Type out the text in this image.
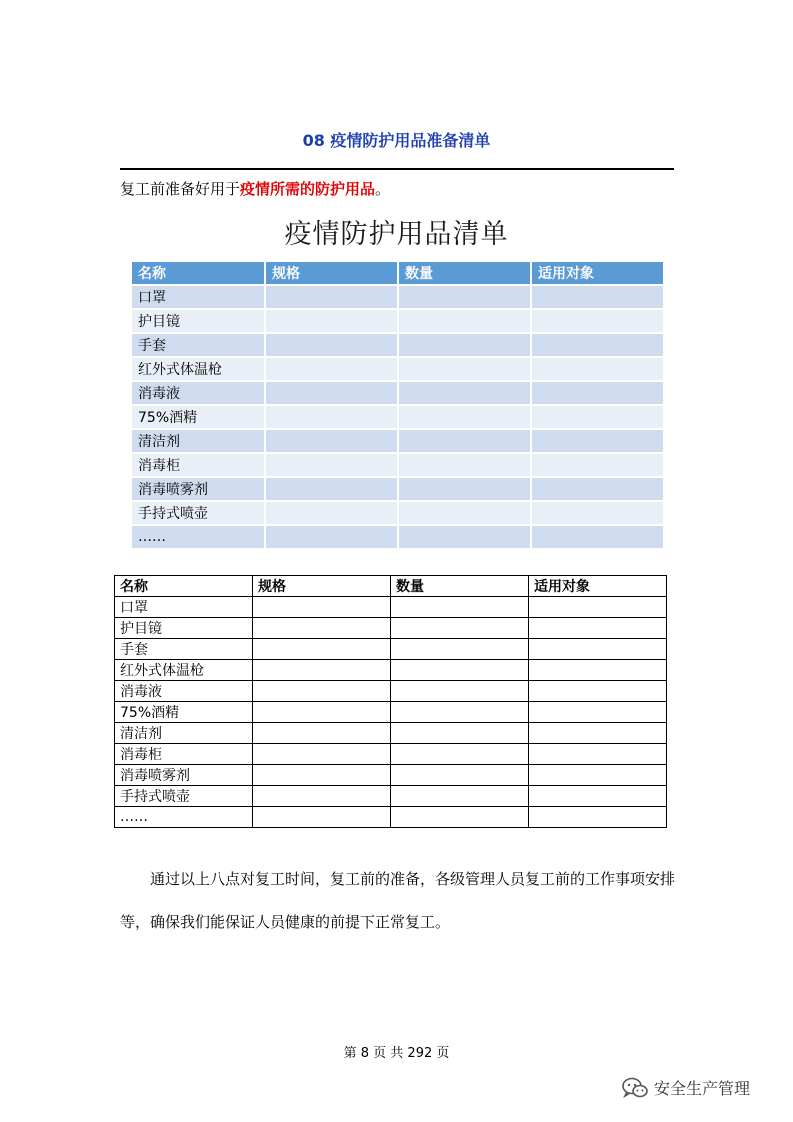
08 疫情防护用品准备清单
复工前准备好用于疫情所需的防护用品。
疫情防护用品清单
名称	规格	数量	适用对象
口罩			
护目镜			
手套			
红外式体温枪			
消毒液			
75%酒精			
清洁剂			
消毒柜			
消毒喷雾剂			
手持式喷壶			
……			
名称	规格	数量	适用对象
口罩			
护目镜			
手套			
红外式体温枪			
消毒液			
75%酒精			
清洁剂			
消毒柜			
消毒喷雾剂			
手持式喷壶			
……			
通过以上八点对复工时间，复工前的准备，各级管理人员复工前的工作事项安排等，确保我们能保证人员健康的前提下正常复工。
第 8 页 共 292 页
安全生产管理
